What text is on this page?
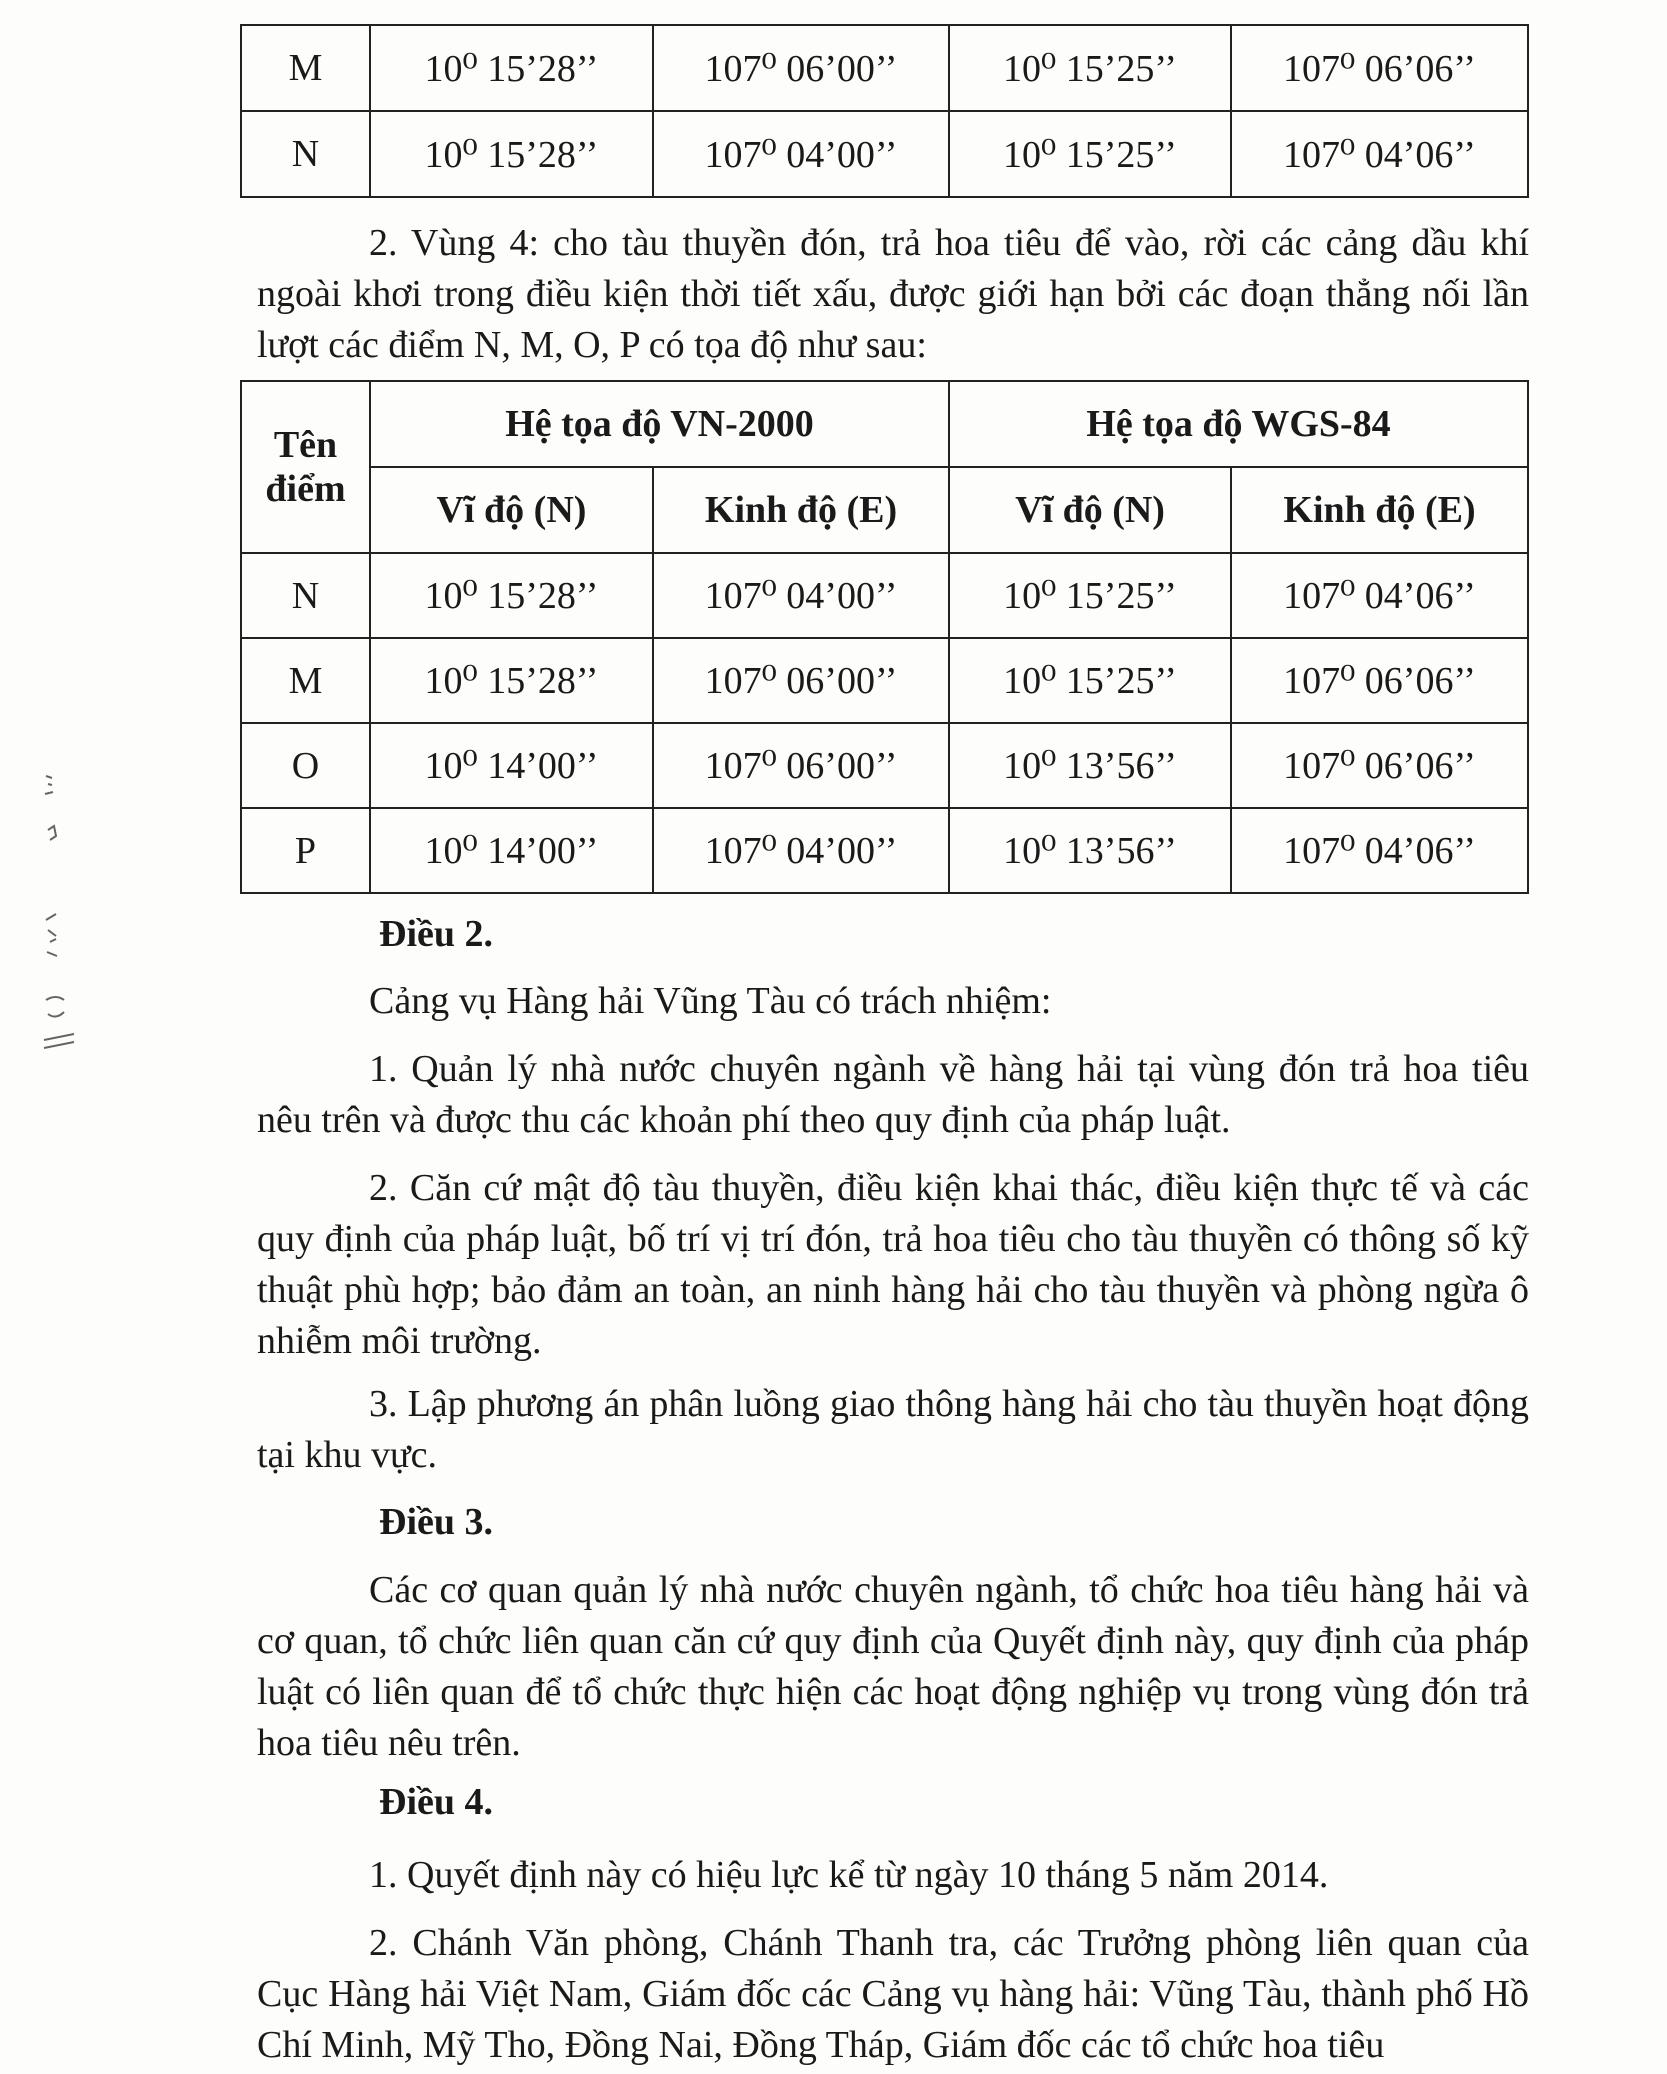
M	10⁰ 15’28’’	107⁰ 06’00’’	10⁰ 15’25’’	107⁰ 06’06’’
N	10⁰ 15’28’’	107⁰ 04’00’’	10⁰ 15’25’’	107⁰ 04’06’’

2. Vùng 4: cho tàu thuyền đón, trả hoa tiêu để vào, rời các cảng dầu khí ngoài khơi trong điều kiện thời tiết xấu, được giới hạn bởi các đoạn thẳng nối lần lượt các điểm N, M, O, P có tọa độ như sau:

Tên điểm	Hệ tọa độ VN-2000		Hệ tọa độ WGS-84	
	Vĩ độ (N)	Kinh độ (E)	Vĩ độ (N)	Kinh độ (E)
N	10⁰ 15’28’’	107⁰ 04’00’’	10⁰ 15’25’’	107⁰ 04’06’’
M	10⁰ 15’28’’	107⁰ 06’00’’	10⁰ 15’25’’	107⁰ 06’06’’
O	10⁰ 14’00’’	107⁰ 06’00’’	10⁰ 13’56’’	107⁰ 06’06’’
P	10⁰ 14’00’’	107⁰ 04’00’’	10⁰ 13’56’’	107⁰ 04’06’’

Điều 2.

Cảng vụ Hàng hải Vũng Tàu có trách nhiệm:

1. Quản lý nhà nước chuyên ngành về hàng hải tại vùng đón trả hoa tiêu nêu trên và được thu các khoản phí theo quy định của pháp luật.

2. Căn cứ mật độ tàu thuyền, điều kiện khai thác, điều kiện thực tế và các quy định của pháp luật, bố trí vị trí đón, trả hoa tiêu cho tàu thuyền có thông số kỹ thuật phù hợp; bảo đảm an toàn, an ninh hàng hải cho tàu thuyền và phòng ngừa ô nhiễm môi trường.

3. Lập phương án phân luồng giao thông hàng hải cho tàu thuyền hoạt động tại khu vực.

Điều 3.

Các cơ quan quản lý nhà nước chuyên ngành, tổ chức hoa tiêu hàng hải và cơ quan, tổ chức liên quan căn cứ quy định của Quyết định này, quy định của pháp luật có liên quan để tổ chức thực hiện các hoạt động nghiệp vụ trong vùng đón trả hoa tiêu nêu trên.

Điều 4.

1. Quyết định này có hiệu lực kể từ ngày 10 tháng 5 năm 2014.

2. Chánh Văn phòng, Chánh Thanh tra, các Trưởng phòng liên quan của Cục Hàng hải Việt Nam, Giám đốc các Cảng vụ hàng hải: Vũng Tàu, thành phố Hồ Chí Minh, Mỹ Tho, Đồng Nai, Đồng Tháp, Giám đốc các tổ chức hoa tiêu
